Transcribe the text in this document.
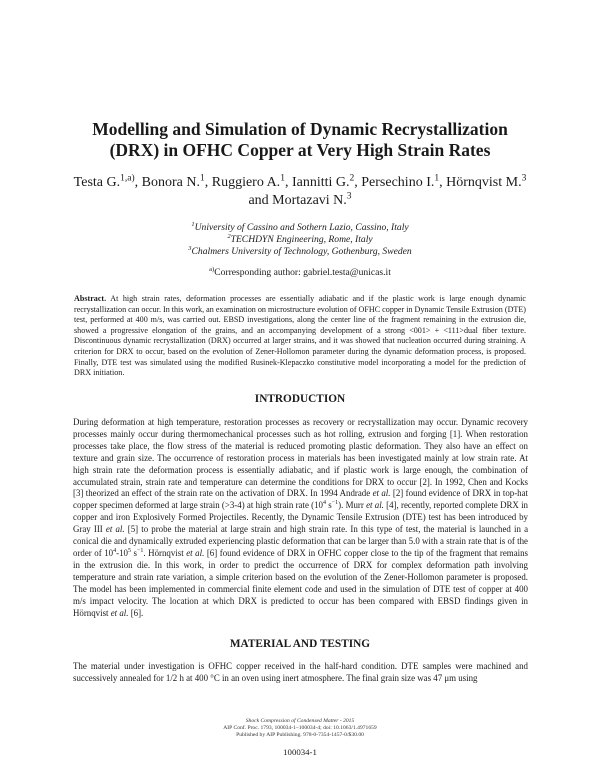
Modelling and Simulation of Dynamic Recrystallization
(DRX) in OFHC Copper at Very High Strain Rates
Testa G.$^{1,a)}$, Bonora N.$^1$, Ruggiero A.$^1$, Iannitti G.$^2$, Persechino I.$^1$, Hörnqvist M.$^3$
and Mortazavi N.$^3$
$^1$University of Cassino and Sothern Lazio, Cassino, Italy
$^2$TECHDYN Engineering, Rome, Italy
$^3$Chalmers University of Technology, Gothenburg, Sweden
$^{a)}$Corresponding author: gabriel.testa@unicas.it

Abstract. At high strain rates, deformation processes are essentially adiabatic and if the plastic work is large enough dynamic recrystallization can occur. In this work, an examination on microstructure evolution of OFHC copper in Dynamic Tensile Extrusion (DTE) test, performed at 400 m/s, was carried out. EBSD investigations, along the center line of the fragment remaining in the extrusion die, showed a progressive elongation of the grains, and an accompanying development of a strong <001> + <111>dual fiber texture. Discontinuous dynamic recrystallization (DRX) occurred at larger strains, and it was showed that nucleation occurred during straining. A criterion for DRX to occur, based on the evolution of Zener-Hollomon parameter during the dynamic deformation process, is proposed. Finally, DTE test was simulated using the modified Rusinek-Klepaczko constitutive model incorporating a model for the prediction of DRX initiation.

INTRODUCTION

During deformation at high temperature, restoration processes as recovery or recrystallization may occur. Dynamic recovery processes mainly occur during thermomechanical processes such as hot rolling, extrusion and forging [1]. When restoration processes take place, the flow stress of the material is reduced promoting plastic deformation. They also have an effect on texture and grain size. The occurrence of restoration process in materials has been investigated mainly at low strain rate. At high strain rate the deformation process is essentially adiabatic, and if plastic work is large enough, the combination of accumulated strain, strain rate and temperature can determine the conditions for DRX to occur [2]. In 1992, Chen and Kocks [3] theorized an effect of the strain rate on the activation of DRX. In 1994 Andrade et al. [2] found evidence of DRX in top-hat copper specimen deformed at large strain (>3-4) at high strain rate ($10^4$ $s^{-1}$). Murr et al. [4], recently, reported complete DRX in copper and iron Explosively Formed Projectiles. Recently, the Dynamic Tensile Extrusion (DTE) test has been introduced by Gray III et al. [5] to probe the material at large strain and high strain rate. In this type of test, the material is launched in a conical die and dynamically extruded experiencing plastic deformation that can be larger than 5.0 with a strain rate that is of the order of $10^4-10^5$ $s^{-1}$. Hörnqvist et al. [6] found evidence of DRX in OFHC copper close to the tip of the fragment that remains in the extrusion die. In this work, in order to predict the occurrence of DRX for complex deformation path involving temperature and strain rate variation, a simple criterion based on the evolution of the Zener-Hollomon parameter is proposed. The model has been implemented in commercial finite element code and used in the simulation of DTE test of copper at 400 m/s impact velocity. The location at which DRX is predicted to occur has been compared with EBSD findings given in Hörnqvist et al. [6].

MATERIAL AND TESTING

The material under investigation is OFHC copper received in the half-hard condition. DTE samples were machined and successively annealed for 1/2 h at 400 °C in an oven using inert atmosphere. The final grain size was 47 μm using

Shock Compression of Condensed Matter - 2015
AIP Conf. Proc. 1793, 100034-1–100034-4; doi: 10.1063/1.4971659
Published by AIP Publishing. 978-0-7354-1457-0/$30.00
100034-1
